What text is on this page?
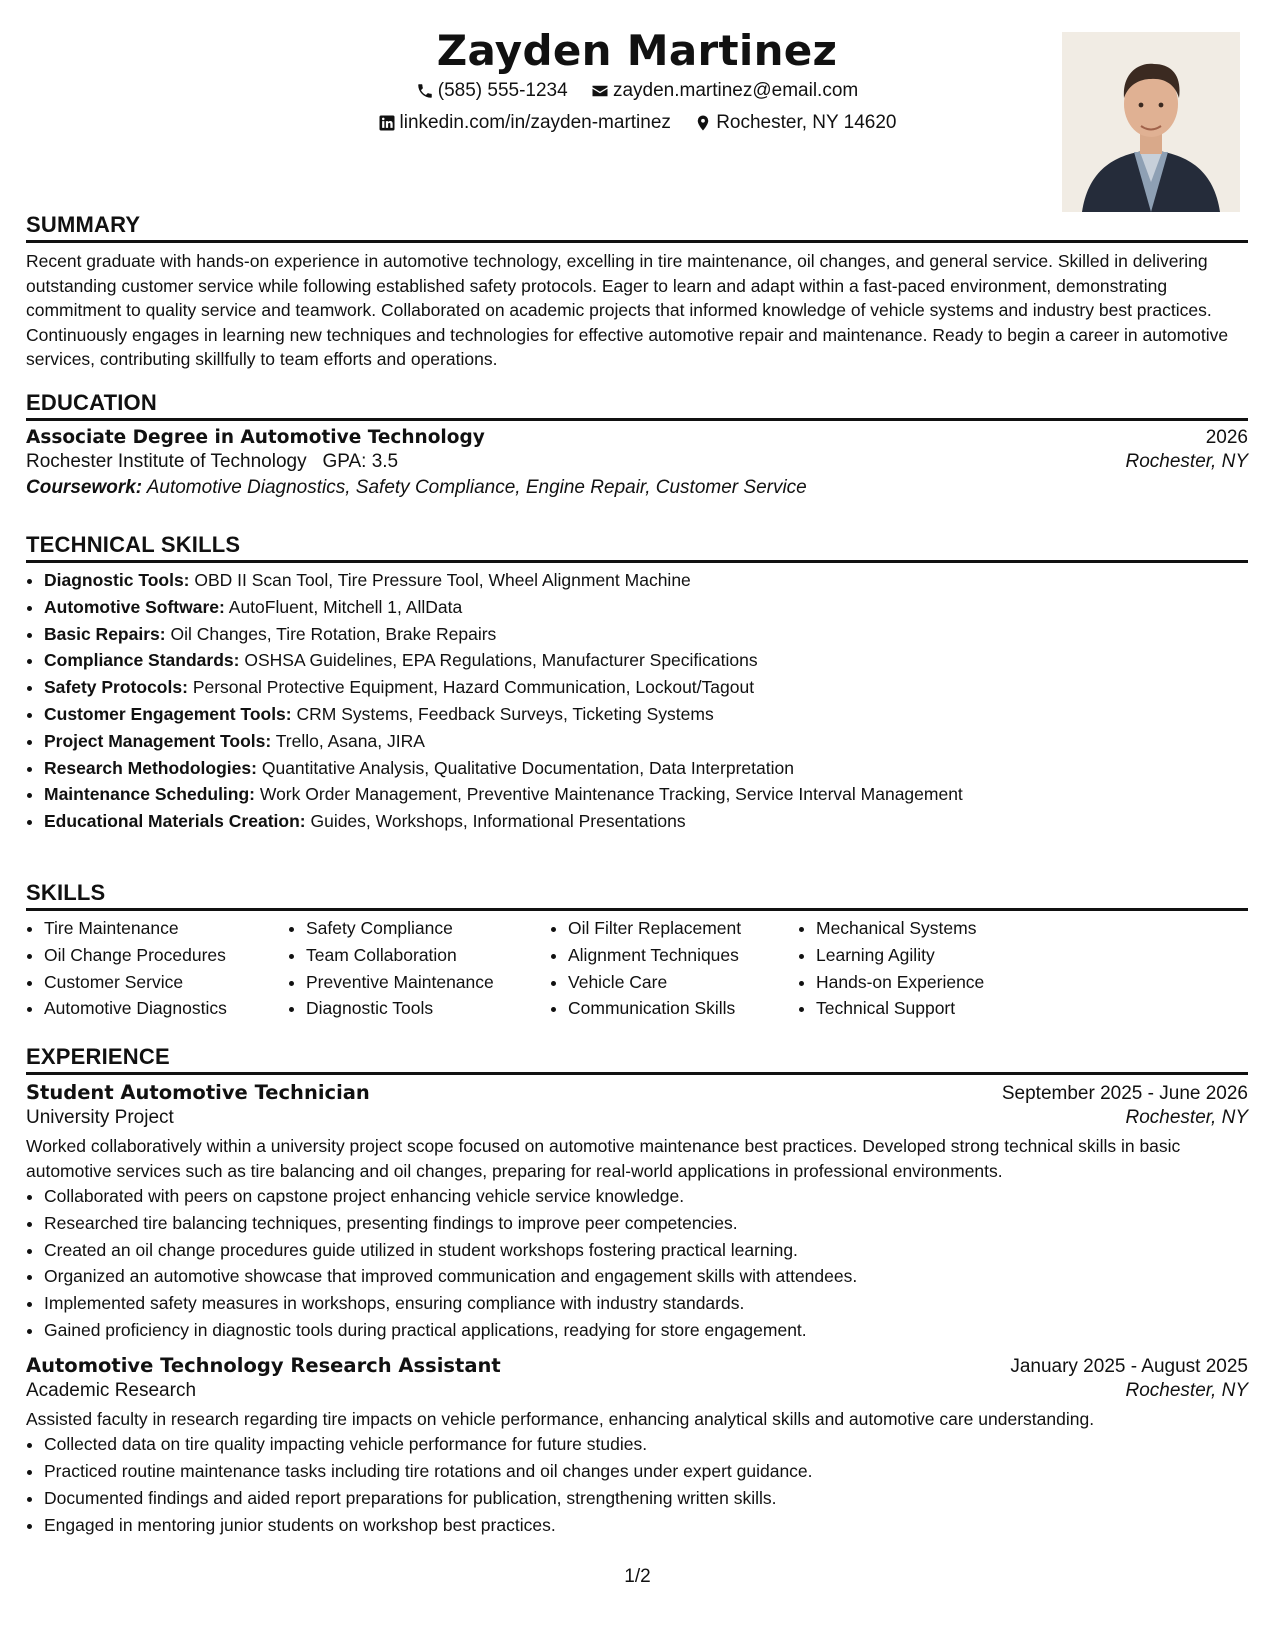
Zayden Martinez
(585) 555-1234
zayden.martinez@email.com
linkedin.com/in/zayden-martinez
Rochester, NY 14620
SUMMARY
Recent graduate with hands-on experience in automotive technology, excelling in tire maintenance, oil changes, and general service. Skilled in delivering outstanding customer service while following established safety protocols. Eager to learn and adapt within a fast-paced environment, demonstrating commitment to quality service and teamwork. Collaborated on academic projects that informed knowledge of vehicle systems and industry best practices. Continuously engages in learning new techniques and technologies for effective automotive repair and maintenance. Ready to begin a career in automotive services, contributing skillfully to team efforts and operations.
EDUCATION
Associate Degree in Automotive Technology	2026
Rochester Institute of Technology GPA: 3.5	Rochester, NY
Coursework: Automotive Diagnostics, Safety Compliance, Engine Repair, Customer Service
TECHNICAL SKILLS
• Diagnostic Tools: OBD II Scan Tool, Tire Pressure Tool, Wheel Alignment Machine
• Automotive Software: AutoFluent, Mitchell 1, AllData
• Basic Repairs: Oil Changes, Tire Rotation, Brake Repairs
• Compliance Standards: OSHSA Guidelines, EPA Regulations, Manufacturer Specifications
• Safety Protocols: Personal Protective Equipment, Hazard Communication, Lockout/Tagout
• Customer Engagement Tools: CRM Systems, Feedback Surveys, Ticketing Systems
• Project Management Tools: Trello, Asana, JIRA
• Research Methodologies: Quantitative Analysis, Qualitative Documentation, Data Interpretation
• Maintenance Scheduling: Work Order Management, Preventive Maintenance Tracking, Service Interval Management
• Educational Materials Creation: Guides, Workshops, Informational Presentations
SKILLS
• Tire Maintenance
• Oil Change Procedures
• Customer Service
• Automotive Diagnostics
• Safety Compliance
• Team Collaboration
• Preventive Maintenance
• Diagnostic Tools
• Oil Filter Replacement
• Alignment Techniques
• Vehicle Care
• Communication Skills
• Mechanical Systems
• Learning Agility
• Hands-on Experience
• Technical Support
EXPERIENCE
Student Automotive Technician	September 2025 - June 2026
University Project	Rochester, NY
Worked collaboratively within a university project scope focused on automotive maintenance best practices. Developed strong technical skills in basic automotive services such as tire balancing and oil changes, preparing for real-world applications in professional environments.
• Collaborated with peers on capstone project enhancing vehicle service knowledge.
• Researched tire balancing techniques, presenting findings to improve peer competencies.
• Created an oil change procedures guide utilized in student workshops fostering practical learning.
• Organized an automotive showcase that improved communication and engagement skills with attendees.
• Implemented safety measures in workshops, ensuring compliance with industry standards.
• Gained proficiency in diagnostic tools during practical applications, readying for store engagement.
Automotive Technology Research Assistant	January 2025 - August 2025
Academic Research	Rochester, NY
Assisted faculty in research regarding tire impacts on vehicle performance, enhancing analytical skills and automotive care understanding.
• Collected data on tire quality impacting vehicle performance for future studies.
• Practiced routine maintenance tasks including tire rotations and oil changes under expert guidance.
• Documented findings and aided report preparations for publication, strengthening written skills.
• Engaged in mentoring junior students on workshop best practices.
1/2
